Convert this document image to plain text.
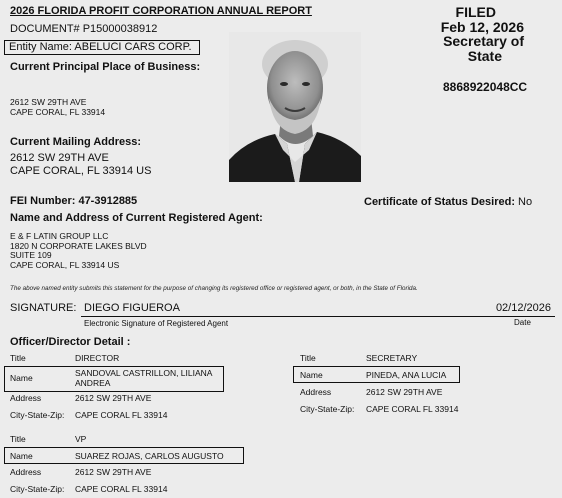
2026 FLORIDA PROFIT CORPORATION ANNUAL REPORT
DOCUMENT# P15000038912
Entity Name: ABELUCI CARS CORP.
Current Principal Place of Business:
2612 SW 29TH AVE
CAPE CORAL, FL 33914
Current Mailing Address:
2612 SW 29TH AVE
CAPE CORAL, FL 33914 US
FILED
Feb 12, 2026
Secretary of
State
8868922048CC
FEI Number: 47-3912885	Certificate of Status Desired: No
Name and Address of Current Registered Agent:
E & F LATIN GROUP LLC
1820 N CORPORATE LAKES BLVD
SUITE 109
CAPE CORAL, FL 33914 US
The above named entity submits this statement for the purpose of changing its registered office or registered agent, or both, in the State of Florida.
SIGNATURE: DIEGO FIGUEROA	02/12/2026
Electronic Signature of Registered Agent	Date
Officer/Director Detail :
Title	DIRECTOR
Name	SANDOVAL CASTRILLON, LILIANA
ANDREA
Address	2612 SW 29TH AVE
City-State-Zip: CAPE CORAL FL 33914
Title	SECRETARY
Name	PINEDA, ANA LUCIA
Address	2612 SW 29TH AVE
City-State-Zip: CAPE CORAL FL 33914
Title	VP
Name	SUAREZ ROJAS, CARLOS AUGUSTO
Address	2612 SW 29TH AVE
City-State-Zip: CAPE CORAL FL 33914
